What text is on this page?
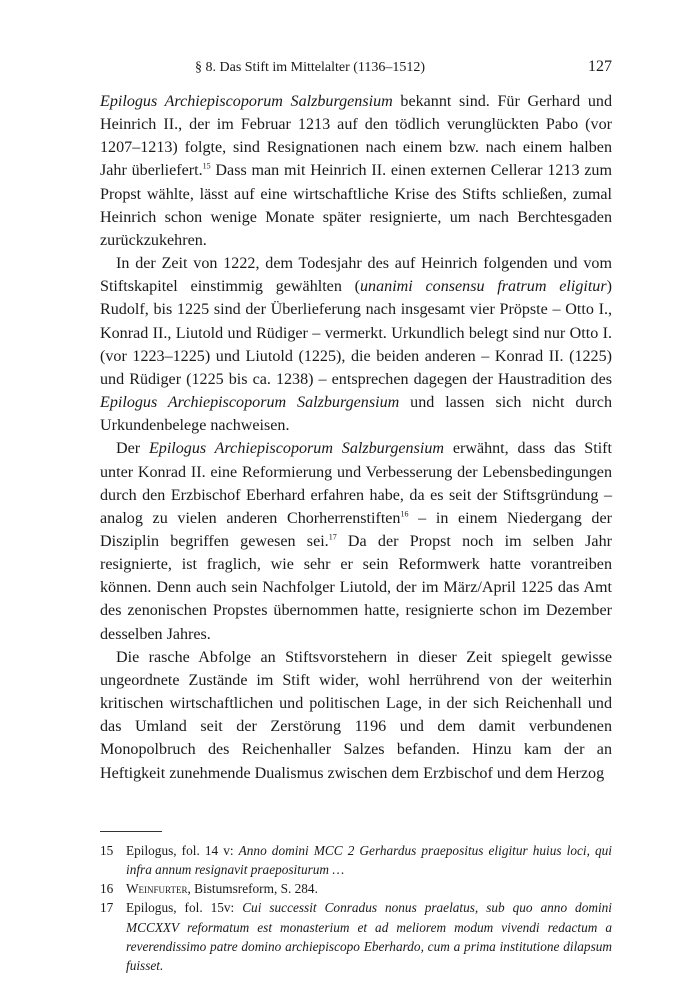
§ 8. Das Stift im Mittelalter (1136–1512)	127

Epilogus Archiepiscoporum Salzburgensium bekannt sind. Für Gerhard und Heinrich II., der im Februar 1213 auf den tödlich verunglückten Pabo (vor 1207–1213) folgte, sind Resignationen nach einem bzw. nach einem halben Jahr überliefert.$^{15}$ Dass man mit Heinrich II. einen externen Cellerar 1213 zum Propst wählte, lässt auf eine wirtschaftliche Krise des Stifts schließen, zumal Heinrich schon wenige Monate später resignierte, um nach Berchtesgaden zurückzukehren.

In der Zeit von 1222, dem Todesjahr des auf Heinrich folgenden und vom Stiftskapitel einstimmig gewählten (unanimi consensu fratrum eligitur) Rudolf, bis 1225 sind der Überlieferung nach insgesamt vier Pröpste – Otto I., Konrad II., Liutold und Rüdiger – vermerkt. Urkundlich belegt sind nur Otto I. (vor 1223–1225) und Liutold (1225), die beiden anderen – Konrad II. (1225) und Rüdiger (1225 bis ca. 1238) – entsprechen dagegen der Haustradition des Epilogus Archiepiscoporum Salzburgensium und lassen sich nicht durch Urkundenbelege nachweisen.

Der Epilogus Archiepiscoporum Salzburgensium erwähnt, dass das Stift unter Konrad II. eine Reformierung und Verbesserung der Lebensbedingungen durch den Erzbischof Eberhard erfahren habe, da es seit der Stiftsgründung – analog zu vielen anderen Chorherrenstiften$^{16}$ – in einem Niedergang der Disziplin begriffen gewesen sei.$^{17}$ Da der Propst noch im selben Jahr resignierte, ist fraglich, wie sehr er sein Reformwerk hatte vorantreiben können. Denn auch sein Nachfolger Liutold, der im März/April 1225 das Amt des zenonischen Propstes übernommen hatte, resignierte schon im Dezember desselben Jahres.

Die rasche Abfolge an Stiftsvorstehern in dieser Zeit spiegelt gewisse ungeordnete Zustände im Stift wider, wohl herrührend von der weiterhin kritischen wirtschaftlichen und politischen Lage, in der sich Reichenhall und das Umland seit der Zerstörung 1196 und dem damit verbundenen Monopolbruch des Reichenhaller Salzes befanden. Hinzu kam der an Heftigkeit zunehmende Dualismus zwischen dem Erzbischof und dem Herzog

15 Epilogus, fol. 14 v: Anno domini MCC 2 Gerhardus praepositus eligitur huius loci, qui infra annum resignavit praepositurum …
16 Weinfurter, Bistumsreform, S. 284.
17 Epilogus, fol. 15v: Cui successit Conradus nonus praelatus, sub quo anno domini MCCXXV reformatum est monasterium et ad meliorem modum vivendi redactum a reverendissimo patre domino archiepiscopo Eberhardo, cum a prima institutione dilapsum fuisset.
